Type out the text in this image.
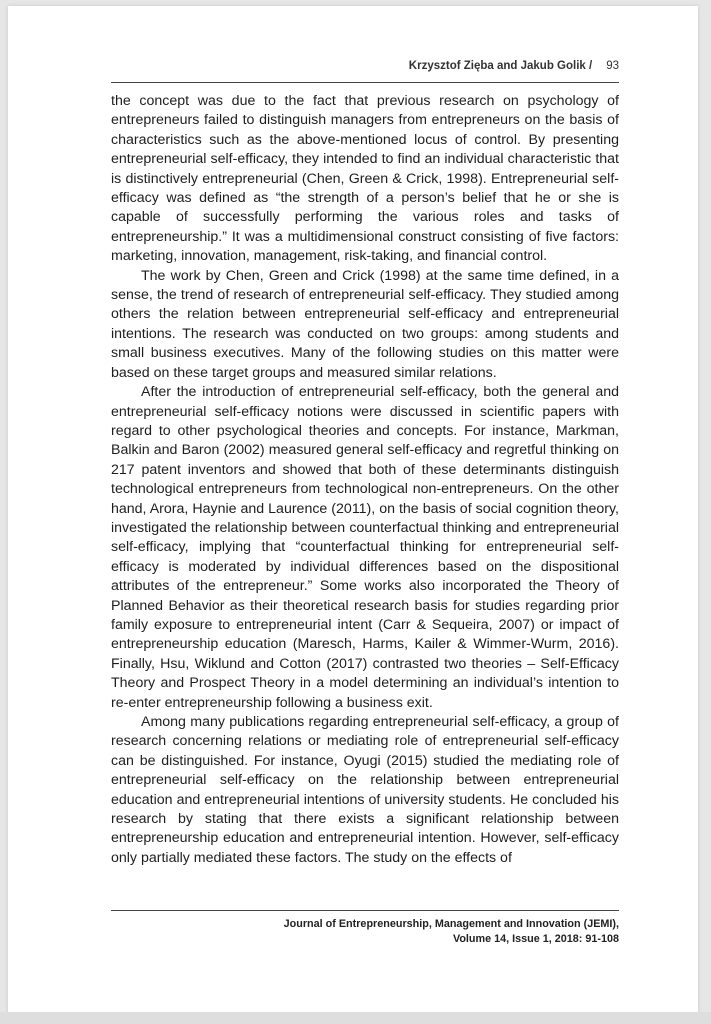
Krzysztof Zięba and Jakub Golik / 93

the concept was due to the fact that previous research on psychology of entrepreneurs failed to distinguish managers from entrepreneurs on the basis of characteristics such as the above-mentioned locus of control. By presenting entrepreneurial self-efficacy, they intended to find an individual characteristic that is distinctively entrepreneurial (Chen, Green & Crick, 1998). Entrepreneurial self-efficacy was defined as “the strength of a person’s belief that he or she is capable of successfully performing the various roles and tasks of entrepreneurship.” It was a multidimensional construct consisting of five factors: marketing, innovation, management, risk-taking, and financial control.

The work by Chen, Green and Crick (1998) at the same time defined, in a sense, the trend of research of entrepreneurial self-efficacy. They studied among others the relation between entrepreneurial self-efficacy and entrepreneurial intentions. The research was conducted on two groups: among students and small business executives. Many of the following studies on this matter were based on these target groups and measured similar relations.

After the introduction of entrepreneurial self-efficacy, both the general and entrepreneurial self-efficacy notions were discussed in scientific papers with regard to other psychological theories and concepts. For instance, Markman, Balkin and Baron (2002) measured general self-efficacy and regretful thinking on 217 patent inventors and showed that both of these determinants distinguish technological entrepreneurs from technological non-entrepreneurs. On the other hand, Arora, Haynie and Laurence (2011), on the basis of social cognition theory, investigated the relationship between counterfactual thinking and entrepreneurial self-efficacy, implying that “counterfactual thinking for entrepreneurial self-efficacy is moderated by individual differences based on the dispositional attributes of the entrepreneur.” Some works also incorporated the Theory of Planned Behavior as their theoretical research basis for studies regarding prior family exposure to entrepreneurial intent (Carr & Sequeira, 2007) or impact of entrepreneurship education (Maresch, Harms, Kailer & Wimmer-Wurm, 2016). Finally, Hsu, Wiklund and Cotton (2017) contrasted two theories – Self-Efficacy Theory and Prospect Theory in a model determining an individual’s intention to re-enter entrepreneurship following a business exit.

Among many publications regarding entrepreneurial self-efficacy, a group of research concerning relations or mediating role of entrepreneurial self-efficacy can be distinguished. For instance, Oyugi (2015) studied the mediating role of entrepreneurial self-efficacy on the relationship between entrepreneurial education and entrepreneurial intentions of university students. He concluded his research by stating that there exists a significant relationship between entrepreneurship education and entrepreneurial intention. However, self-efficacy only partially mediated these factors. The study on the effects of

Journal of Entrepreneurship, Management and Innovation (JEMI),
Volume 14, Issue 1, 2018: 91-108
